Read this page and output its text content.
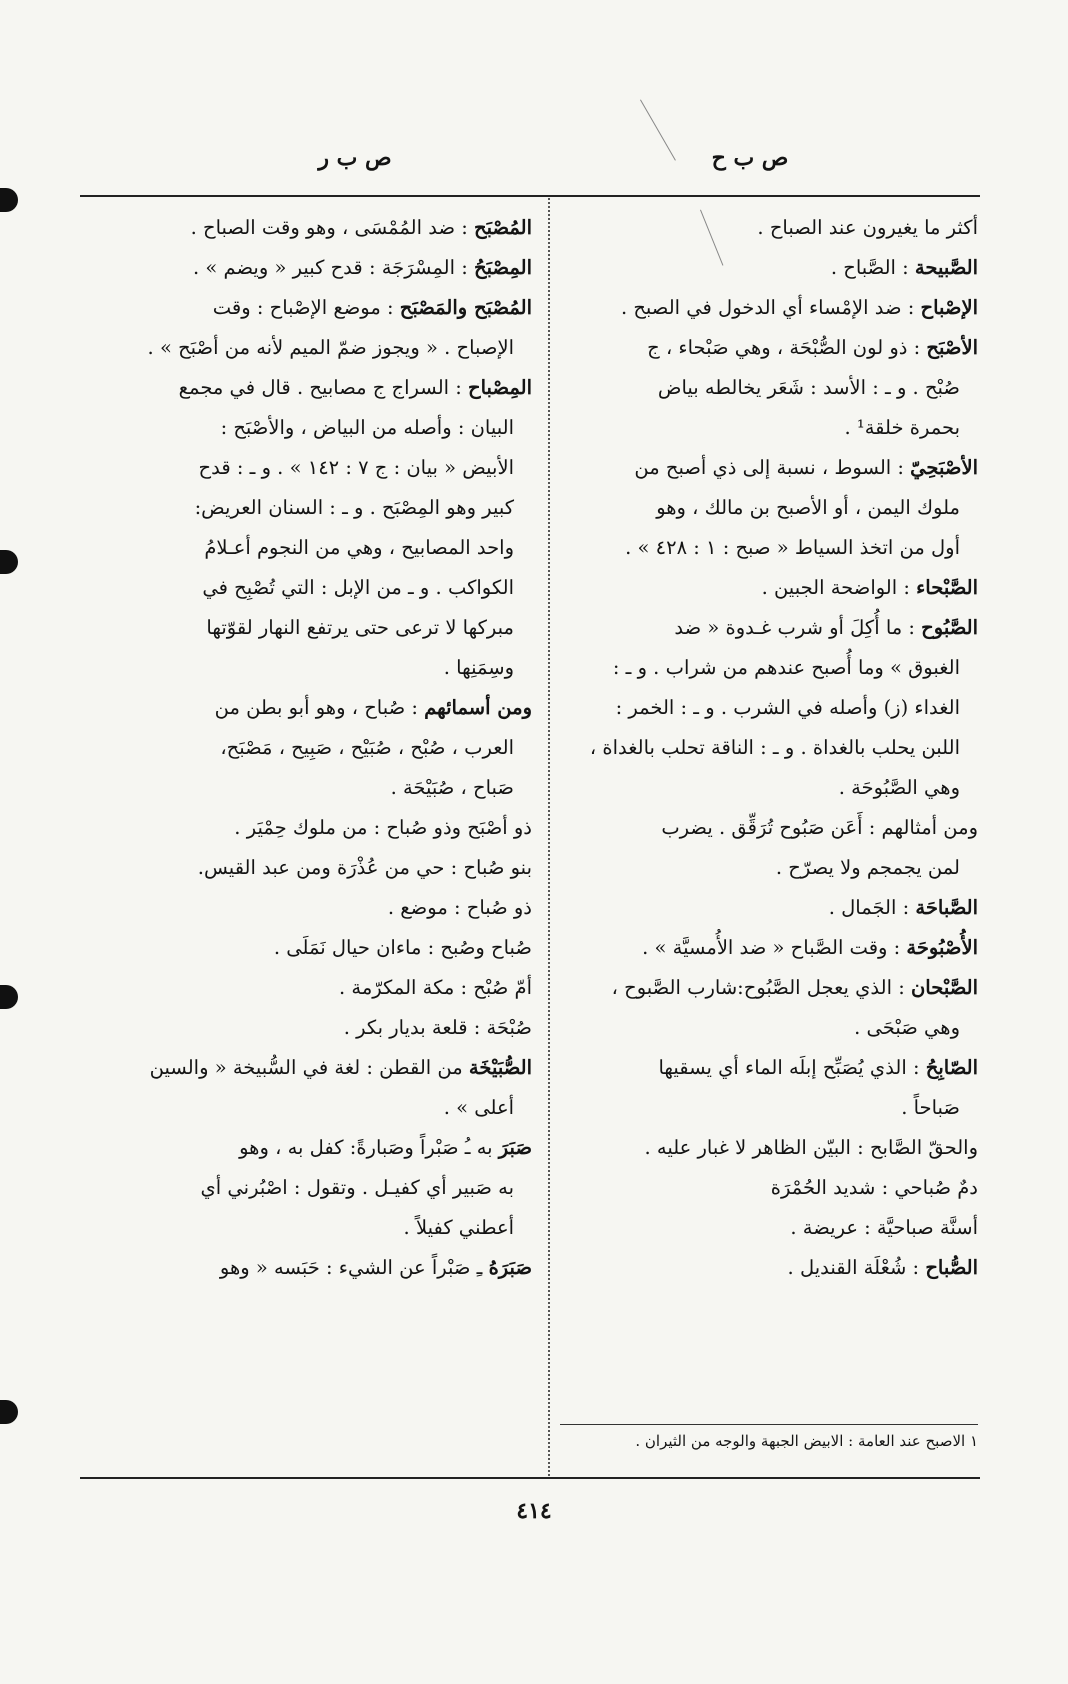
ص ب ح
ص ب ر
أكثر ما يغيرون عند الصباح .
الصَّبيحة : الصَّباح .
الإصْباح : ضد الإمْساء أي الدخول في الصبح .
الأصْبَح : ذو لون الصُّبْحَة ، وهي صَبْحاء ، ج
صُبْح . و ـ : الأسد : شَعَر يخالطه بياض
بحمرة خلقة¹ .
الأصْبَحِيّ : السوط ، نسبة إلى ذي أصبح من
ملوك اليمن ، أو الأصبح بن مالك ، وهو
أول من اتخذ السياط « صبح : ١ : ٤٢٨ » .
الصَّبْحاء : الواضحة الجبين .
الصَّبُوح : ما أُكِلَ أو شرب غـدوة « ضد
الغبوق » وما أُصبح عندهم من شراب . و ـ :
الغداء (ز) وأصله في الشرب . و ـ : الخمر :
اللبن يحلب بالغداة . و ـ : الناقة تحلب بالغداة ،
وهي الصَّبُوحَة .
ومن أمثالهم : أَعَن صَبُوح تُرَقِّق . يضرب
لمن يجمجم ولا يصرّح .
الصَّباحَة : الجَمال .
الأُصْبُوحَة : وقت الصَّباح « ضد الأُمسيَّة » .
الصَّبْحان : الذي يعجل الصَّبُوح:شارب الصَّبوح ،
وهي صَبْحَى .
الصّابِحُ : الذي يُصَبِّح إبلَه الماء أي يسقيها
صَباحاً .
والحقّ الصَّابح : البيّن الظاهر لا غبار عليه .
دمٌ صُباحي : شديد الحُمْرَة
أسنَّة صباحيَّة : عريضة .
الصُّباح : شُعْلَة القنديل .
المُصْبَح : ضد المُمْسَى ، وهو وقت الصباح .
المِصْبَحُ : المِسْرَجَة : قدح كبير « ويضم » .
المُصْبَح والمَصْبَح : موضع الإصْباح : وقت
الإصباح . « ويجوز ضمّ الميم لأنه من أصْبَح » .
المِصْباح : السراج ج مصابيح . قال في مجمع
البيان : وأصله من البياض ، والأصْبَح :
الأبيض « بيان : ج ٧ : ١٤٢ » . و ـ : قدح
كبير وهو المِصْبَح . و ـ : السنان العريض:
واحد المصابيح ، وهي من النجوم أعـلامُ
الكواكب . و ـ من الإبل : التي تُصْبِح في
مبركها لا ترعى حتى يرتفع النهار لقوّتها
وسِمَنِها .
ومن أسمائهم : صُباح ، وهو أبو بطن من
العرب ، صُبْح ، صُبَيْح ، صَبِيح ، مَصْبَح،
صَباح ، صُبَيْحَة .
ذو أصْبَح وذو صُباح : من ملوك حِمْيَر .
بنو صُباح : حي من عُذْرَة ومن عبد القيس.
ذو صُباح : موضع .
صُباح وصُبح : ماءان حيال نَمَلَى .
أمّ صُبْح : مكة المكرّمة .
صُبْحَة : قلعة بديار بكر .
الصُّبَيْخَة من القطن : لغة في السُّبيخة « والسين
أعلى » .
صَبَرَ به ـُ صَبْراً وصَبارةً: كفل به ، وهو
به صَبير أي كفيـل . وتقول : اصْبُرني أي
أعطني كفيلاً .
صَبَرَهُ ـِ صَبْراً عن الشيء : حَبَسه « وهو
١ الاصبح عند العامة : الابيض الجبهة والوجه من الثيران .
٤١٤
